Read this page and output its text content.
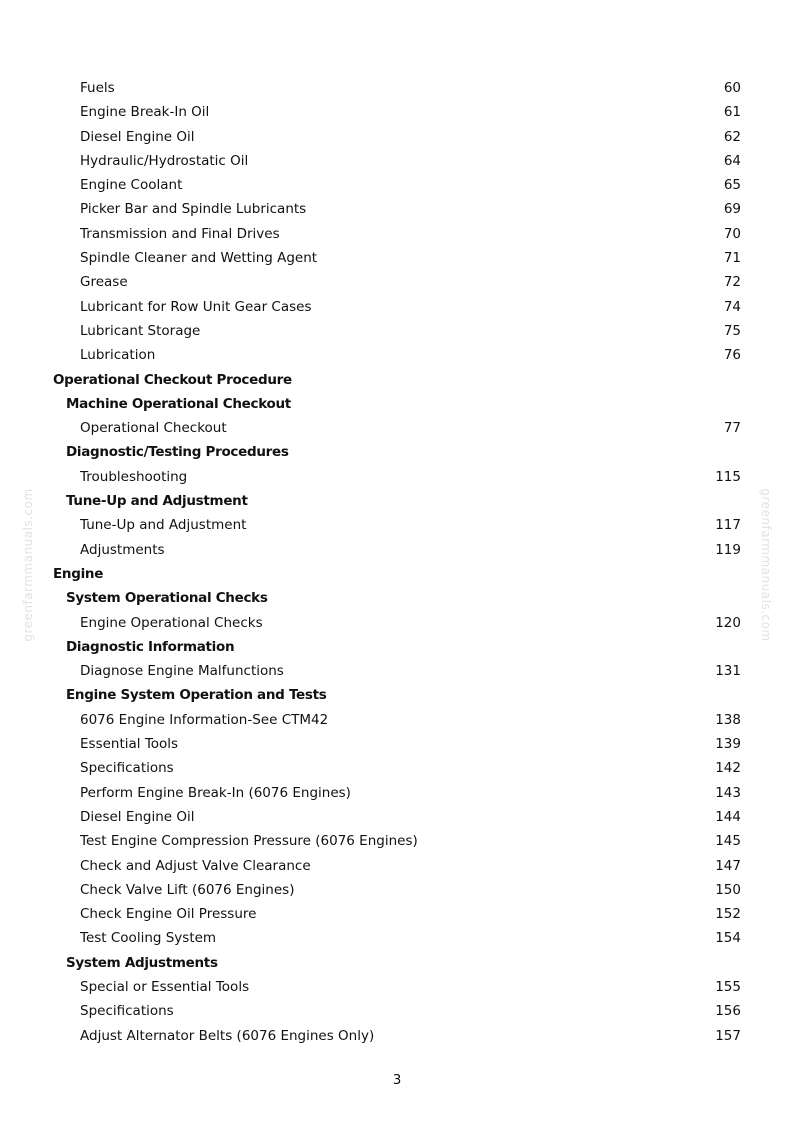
Fuels	60
Engine Break-In Oil	61
Diesel Engine Oil	62
Hydraulic/Hydrostatic Oil	64
Engine Coolant	65
Picker Bar and Spindle Lubricants	69
Transmission and Final Drives	70
Spindle Cleaner and Wetting Agent	71
Grease	72
Lubricant for Row Unit Gear Cases	74
Lubricant Storage	75
Lubrication	76
Operational Checkout Procedure
Machine Operational Checkout
Operational Checkout	77
Diagnostic/Testing Procedures
Troubleshooting	115
Tune-Up and Adjustment
Tune-Up and Adjustment	117
Adjustments	119
Engine
System Operational Checks
Engine Operational Checks	120
Diagnostic Information
Diagnose Engine Malfunctions	131
Engine System Operation and Tests
6076 Engine Information-See CTM42	138
Essential Tools	139
Specifications	142
Perform Engine Break-In (6076 Engines)	143
Diesel Engine Oil	144
Test Engine Compression Pressure (6076 Engines)	145
Check and Adjust Valve Clearance	147
Check Valve Lift (6076 Engines)	150
Check Engine Oil Pressure	152
Test Cooling System	154
System Adjustments
Special or Essential Tools	155
Specifications	156
Adjust Alternator Belts (6076 Engines Only)	157
3
greenfarmmanuals.com	greenfarmmanuals.com
